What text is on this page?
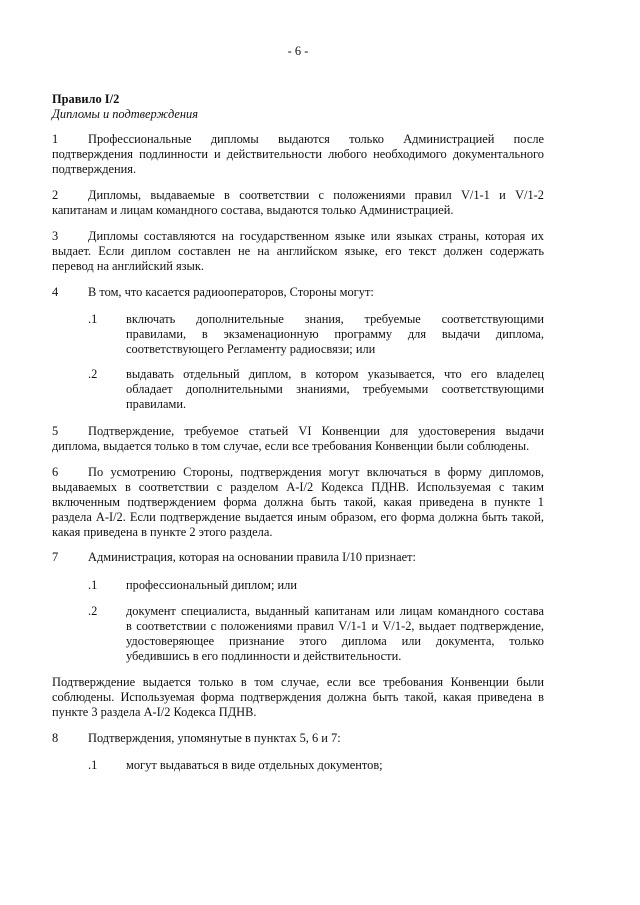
- 6 -
Правило I/2
Дипломы и подтверждения
1 Профессиональные дипломы выдаются только Администрацией после
подтверждения подлинности и действительности любого необходимого документального
подтверждения.
2 Дипломы, выдаваемые в соответствии с положениями правил V/1-1 и V/1-2
капитанам и лицам командного состава, выдаются только Администрацией.
3 Дипломы составляются на государственном языке или языках страны, которая их
выдает. Если диплом составлен не на английском языке, его текст должен содержать
перевод на английский язык.
4 В том, что касается радиооператоров, Стороны могут:
.1 включать дополнительные знания, требуемые соответствующими
правилами, в экзаменационную программу для выдачи диплома,
соответствующего Регламенту радиосвязи; или
.2 выдавать отдельный диплом, в котором указывается, что его владелец
обладает дополнительными знаниями, требуемыми соответствующими
правилами.
5 Подтверждение, требуемое статьей VI Конвенции для удостоверения выдачи
диплома, выдается только в том случае, если все требования Конвенции были соблюдены.
6 По усмотрению Стороны, подтверждения могут включаться в форму дипломов,
выдаваемых в соответствии с разделом А-I/2 Кодекса ПДНВ. Используемая с таким
включенным подтверждением форма должна быть такой, какая приведена в пункте 1
раздела А-I/2. Если подтверждение выдается иным образом, его форма должна быть такой,
какая приведена в пункте 2 этого раздела.
7 Администрация, которая на основании правила I/10 признает:
.1 профессиональный диплом; или
.2 документ специалиста, выданный капитанам или лицам командного состава
в соответствии с положениями правил V/1-1 и V/1-2, выдает подтверждение,
удостоверяющее признание этого диплома или документа, только
убедившись в его подлинности и действительности.
Подтверждение выдается только в том случае, если все требования Конвенции были
соблюдены. Используемая форма подтверждения должна быть такой, какая приведена в
пункте 3 раздела А-I/2 Кодекса ПДНВ.
8 Подтверждения, упомянутые в пунктах 5, 6 и 7:
.1 могут выдаваться в виде отдельных документов;
